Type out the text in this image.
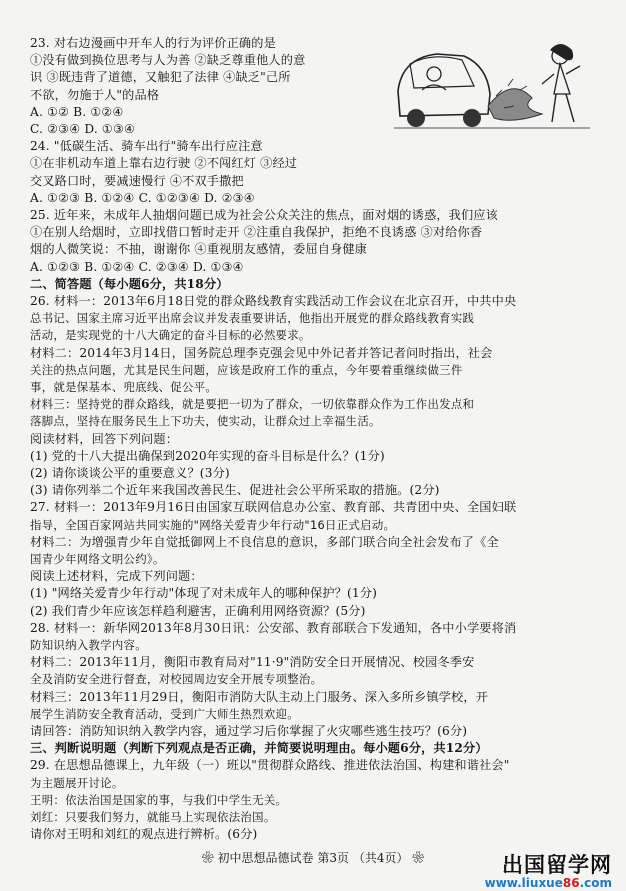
23. 对右边漫画中开车人的行为评价正确的是
①没有做到换位思考与人为善 ②缺乏尊重他人的意
识 ③既违背了道德，又触犯了法律 ④缺乏"己所
不欲，勿施于人"的品格
A. ①② B. ①②④
C. ②③④ D. ①③④
24. "低碳生活、骑车出行"骑车出行应注意
①在非机动车道上靠右边行驶 ②不闯红灯 ③经过
交叉路口时，要减速慢行 ④不双手撒把
A. ①②③ B. ①②④ C. ①②③④ D. ②③④
25. 近年来，未成年人抽烟问题已成为社会公众关注的焦点，面对烟的诱惑，我们应该
①在别人给烟时，立即找借口暂时走开 ②注重自我保护，拒绝不良诱惑 ③对给你香
烟的人微笑说：不抽，谢谢你 ④重视朋友感情，委屈自身健康
A. ①②③ B. ①②④ C. ②③④ D. ①③④
二、简答题（每小题6分，共18分）
26. 材料一：2013年6月18日党的群众路线教育实践活动工作会议在北京召开，中共中央
总书记、国家主席习近平出席会议并发表重要讲话，他指出开展党的群众路线教育实践
活动，是实现党的十八大确定的奋斗目标的必然要求。
材料二：2014年3月14日，国务院总理李克强会见中外记者并答记者问时指出，社会
关注的热点问题，尤其是民生问题，应该是政府工作的重点，今年要着重继续做三件
事，就是保基本、兜底线、促公平。
材料三：坚持党的群众路线，就是要把一切为了群众，一切依靠群众作为工作出发点和
落脚点，坚持在服务民生上下功夫，使实动，让群众过上幸福生活。
阅读材料，回答下列问题：
(1) 党的十八大提出确保到2020年实现的奋斗目标是什么？(1分)
(2) 请你谈谈公平的重要意义？(3分)
(3) 请你列举二个近年来我国改善民生、促进社会公平所采取的措施。(2分)
27. 材料一：2013年9月16日由国家互联网信息办公室、教育部、共青团中央、全国妇联
指导，全国百家网站共同实施的"网络关爱青少年行动"16日正式启动。
材料二：为增强青少年自觉抵御网上不良信息的意识，多部门联合向全社会发布了《全
国青少年网络文明公约》。
阅读上述材料，完成下列问题：
(1) "网络关爱青少年行动"体现了对未成年人的哪种保护？(1分)
(2) 我们青少年应该怎样趋利避害，正确利用网络资源？(5分)
28. 材料一：新华网2013年8月30日讯：公安部、教育部联合下发通知，各中小学要将消
防知识纳入教学内容。
材料二：2013年11月，衡阳市教育局对"11·9"消防安全日开展情况、校园冬季安
全及消防安全进行督查，对校园周边安全开展专项整治。
材料三：2013年11月29日，衡阳市消防大队主动上门服务、深入多所乡镇学校，开
展学生消防安全教育活动，受到广大师生热烈欢迎。
请回答：消防知识纳入教学内容，通过学习后你掌握了火灾哪些逃生技巧？(6分)
三、判断说明题（判断下列观点是否正确，并简要说明理由。每小题6分，共12分）
29. 在思想品德课上，九年级（一）班以"贯彻群众路线、推进依法治国、构建和谐社会"
为主题展开讨论。
王明：依法治国是国家的事，与我们中学生无关。
刘红：只要我们努力，就能马上实现依法治国。
请你对王明和刘红的观点进行辨析。(6分)
❀ 初中思想品德试卷 第3页 （共4页） ❀	出国留学网
www.liuxue86.com
